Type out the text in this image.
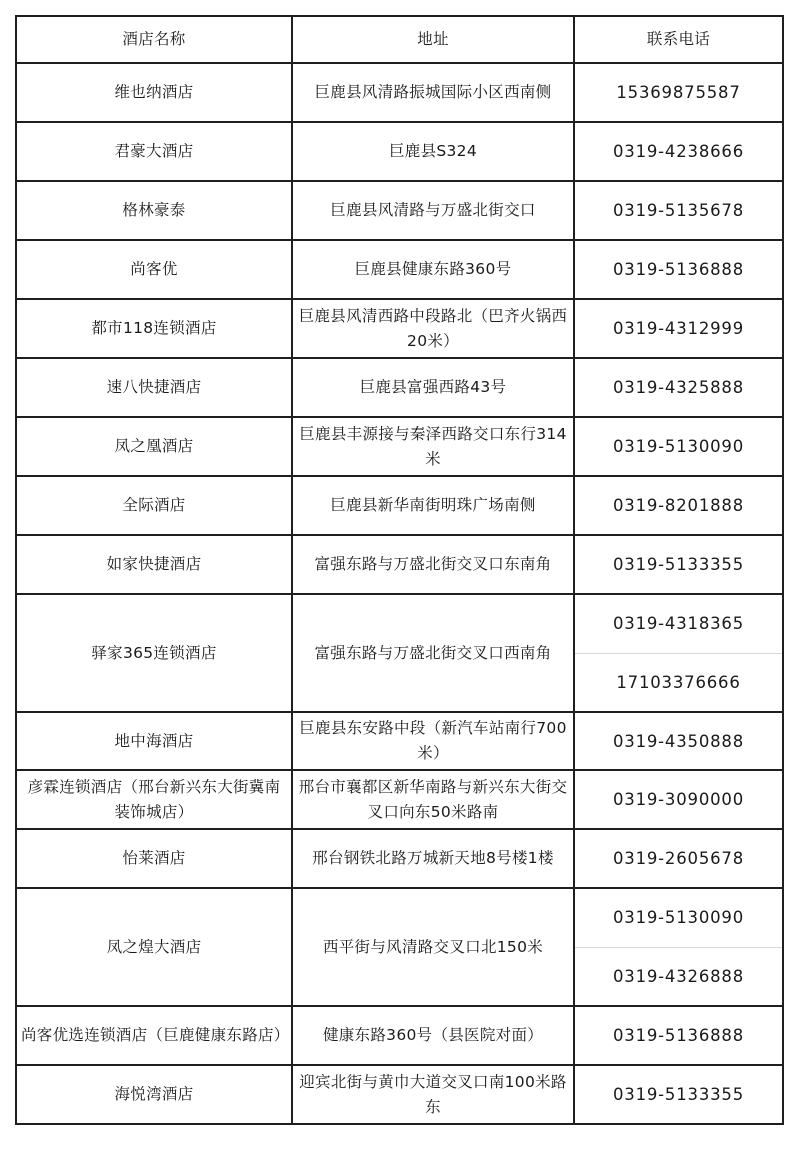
酒店名称	地址	联系电话
维也纳酒店	巨鹿县风清路振城国际小区西南侧	15369875587
君豪大酒店	巨鹿县S324	0319-4238666
格林豪泰	巨鹿县风清路与万盛北街交口	0319-5135678
尚客优	巨鹿县健康东路360号	0319-5136888
都市118连锁酒店	巨鹿县风清西路中段路北（巴齐火锅西20米）	0319-4312999
速八快捷酒店	巨鹿县富强西路43号	0319-4325888
凤之凰酒店	巨鹿县丰源接与秦泽西路交口东行314米	0319-5130090
全际酒店	巨鹿县新华南街明珠广场南侧	0319-8201888
如家快捷酒店	富强东路与万盛北街交叉口东南角	0319-5133355
驿家365连锁酒店	富强东路与万盛北街交叉口西南角	0319-4318365
		17103376666
地中海酒店	巨鹿县东安路中段（新汽车站南行700米）	0319-4350888
彦霖连锁酒店（邢台新兴东大街冀南装饰城店）	邢台市襄都区新华南路与新兴东大街交叉口向东50米路南	0319-3090000
怡莱酒店	邢台钢铁北路万城新天地8号楼1楼	0319-2605678
凤之煌大酒店	西平街与风清路交叉口北150米	0319-5130090
		0319-4326888
尚客优选连锁酒店（巨鹿健康东路店）	健康东路360号（县医院对面）	0319-5136888
海悦湾酒店	迎宾北街与黄巾大道交叉口南100米路东	0319-5133355
